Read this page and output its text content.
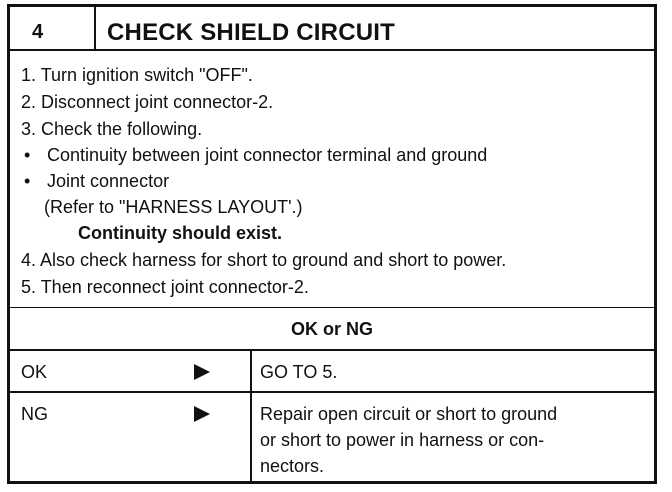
4	CHECK SHIELD CIRCUIT
1. Turn ignition switch "OFF".
2. Disconnect joint connector-2.
3. Check the following.
• Continuity between joint connector terminal and ground
• Joint connector
(Refer to "HARNESS LAYOUT'.)
Continuity should exist.
4. Also check harness for short to ground and short to power.
5. Then reconnect joint connector-2.
OK or NG
OK	GO TO 5.
NG	Repair open circuit or short to ground
or short to power in harness or con-
nectors.
